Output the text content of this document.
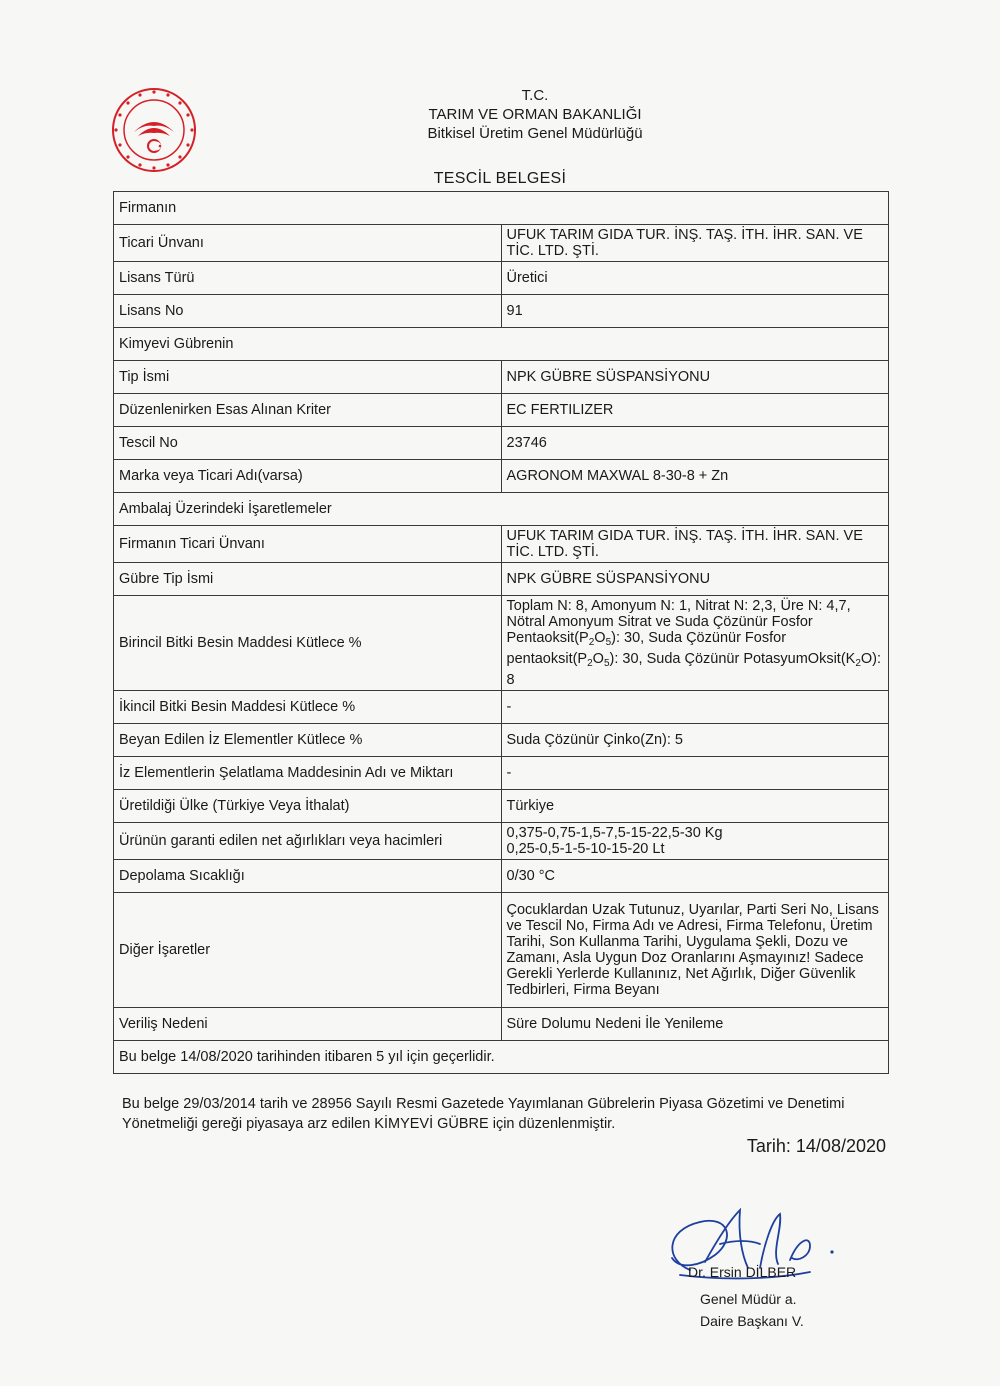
T.C.
TARIM VE ORMAN BAKANLIĞI
Bitkisel Üretim Genel Müdürlüğü
TESCİL BELGESİ
Firmanın	
Ticari Ünvanı	UFUK TARIM GIDA TUR. İNŞ. TAŞ. İTH. İHR. SAN. VE TİC. LTD. ŞTİ.
Lisans Türü	Üretici
Lisans No	91
Kimyevi Gübrenin	
Tip İsmi	NPK GÜBRE SÜSPANSİYONU
Düzenlenirken Esas Alınan Kriter	EC FERTILIZER
Tescil No	23746
Marka veya Ticari Adı(varsa)	AGRONOM MAXWAL 8-30-8 + Zn
Ambalaj Üzerindeki İşaretlemeler	
Firmanın Ticari Ünvanı	UFUK TARIM GIDA TUR. İNŞ. TAŞ. İTH. İHR. SAN. VE TİC. LTD. ŞTİ.
Gübre Tip İsmi	NPK GÜBRE SÜSPANSİYONU
Birincil Bitki Besin Maddesi Kütlece %	Toplam N: 8, Amonyum N: 1, Nitrat N: 2,3, Üre N: 4,7, Nötral Amonyum Sitrat ve Suda Çözünür Fosfor $Pentaoksit(P_2O_5)$: 30, Suda Çözünür Fosfor $pentaoksit(P_2O_5)$: 30, Suda Çözünür $PotasyumOksit(K_2O)$: 8
İkincil Bitki Besin Maddesi Kütlece %	-
Beyan Edilen İz Elementler Kütlece %	Suda Çözünür Çinko(Zn): 5
İz Elementlerin Şelatlama Maddesinin Adı ve Miktarı	-
Üretildiği Ülke (Türkiye Veya İthalat)	Türkiye
Ürünün garanti edilen net ağırlıkları veya hacimleri	0,375-0,75-1,5-7,5-15-22,5-30 Kg
0,25-0,5-1-5-10-15-20 Lt

Depolama Sıcaklığı	0/30 °C
Diğer İşaretler	Çocuklardan Uzak Tutunuz, Uyarılar, Parti Seri No, Lisans ve Tescil No, Firma Adı ve Adresi, Firma Telefonu, Üretim Tarihi, Son Kullanma Tarihi, Uygulama Şekli, Dozu ve Zamanı, Asla Uygun Doz Oranlarını Aşmayınız! Sadece Gerekli Yerlerde Kullanınız, Net Ağırlık, Diğer Güvenlik Tedbirleri, Firma Beyanı
Veriliş Nedeni	Süre Dolumu Nedeni İle Yenileme
Bu belge 14/08/2020 tarihinden itibaren 5 yıl için geçerlidir.	
Bu belge 29/03/2014 tarih ve 28956 Sayılı Resmi Gazetede Yayımlanan Gübrelerin Piyasa Gözetimi ve Denetimi Yönetmeliği gereği piyasaya arz edilen KİMYEVİ GÜBRE için düzenlenmiştir.
Tarih: 14/08/2020
Dr. Ersin DİLBER
Genel Müdür a.
Daire Başkanı V.
